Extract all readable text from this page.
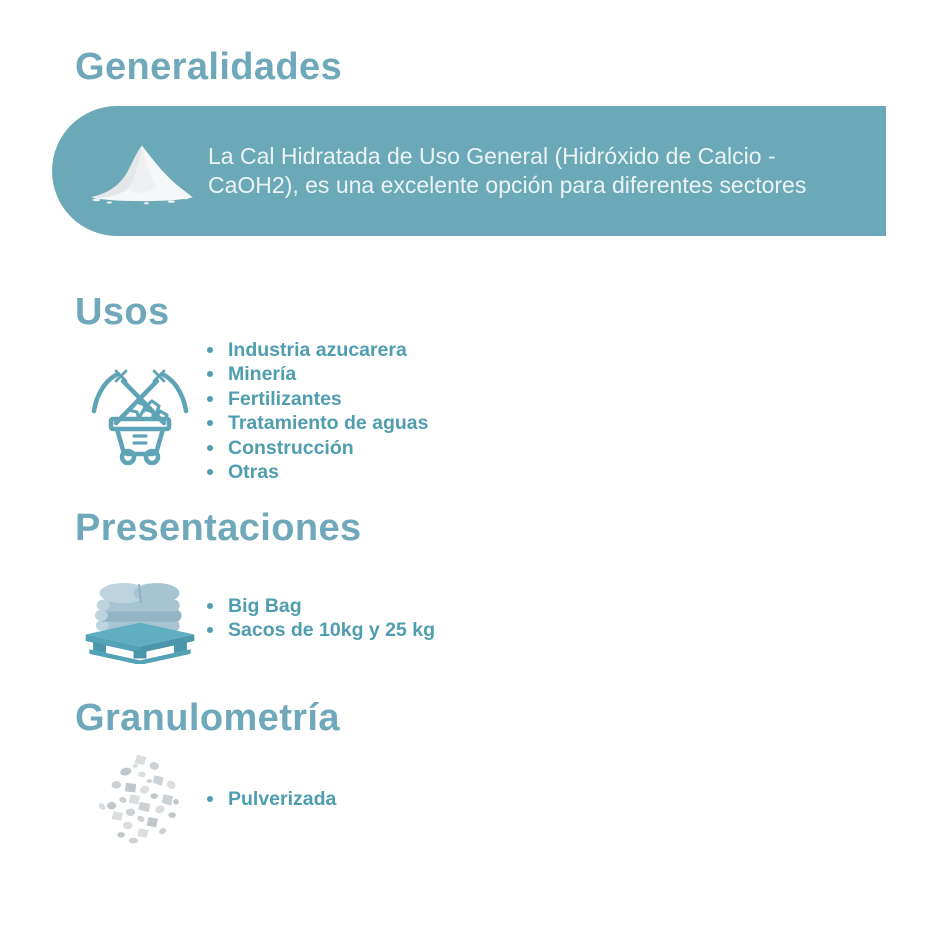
Generalidades

La Cal Hidratada de Uso General (Hidróxido de Calcio - CaOH2), es una excelente opción para diferentes sectores

Usos
Industria azucarera
Minería
Fertilizantes
Tratamiento de aguas
Construcción
Otras
Presentaciones
Big Bag
Sacos de 10kg y 25 kg
Granulometría
Pulverizada
